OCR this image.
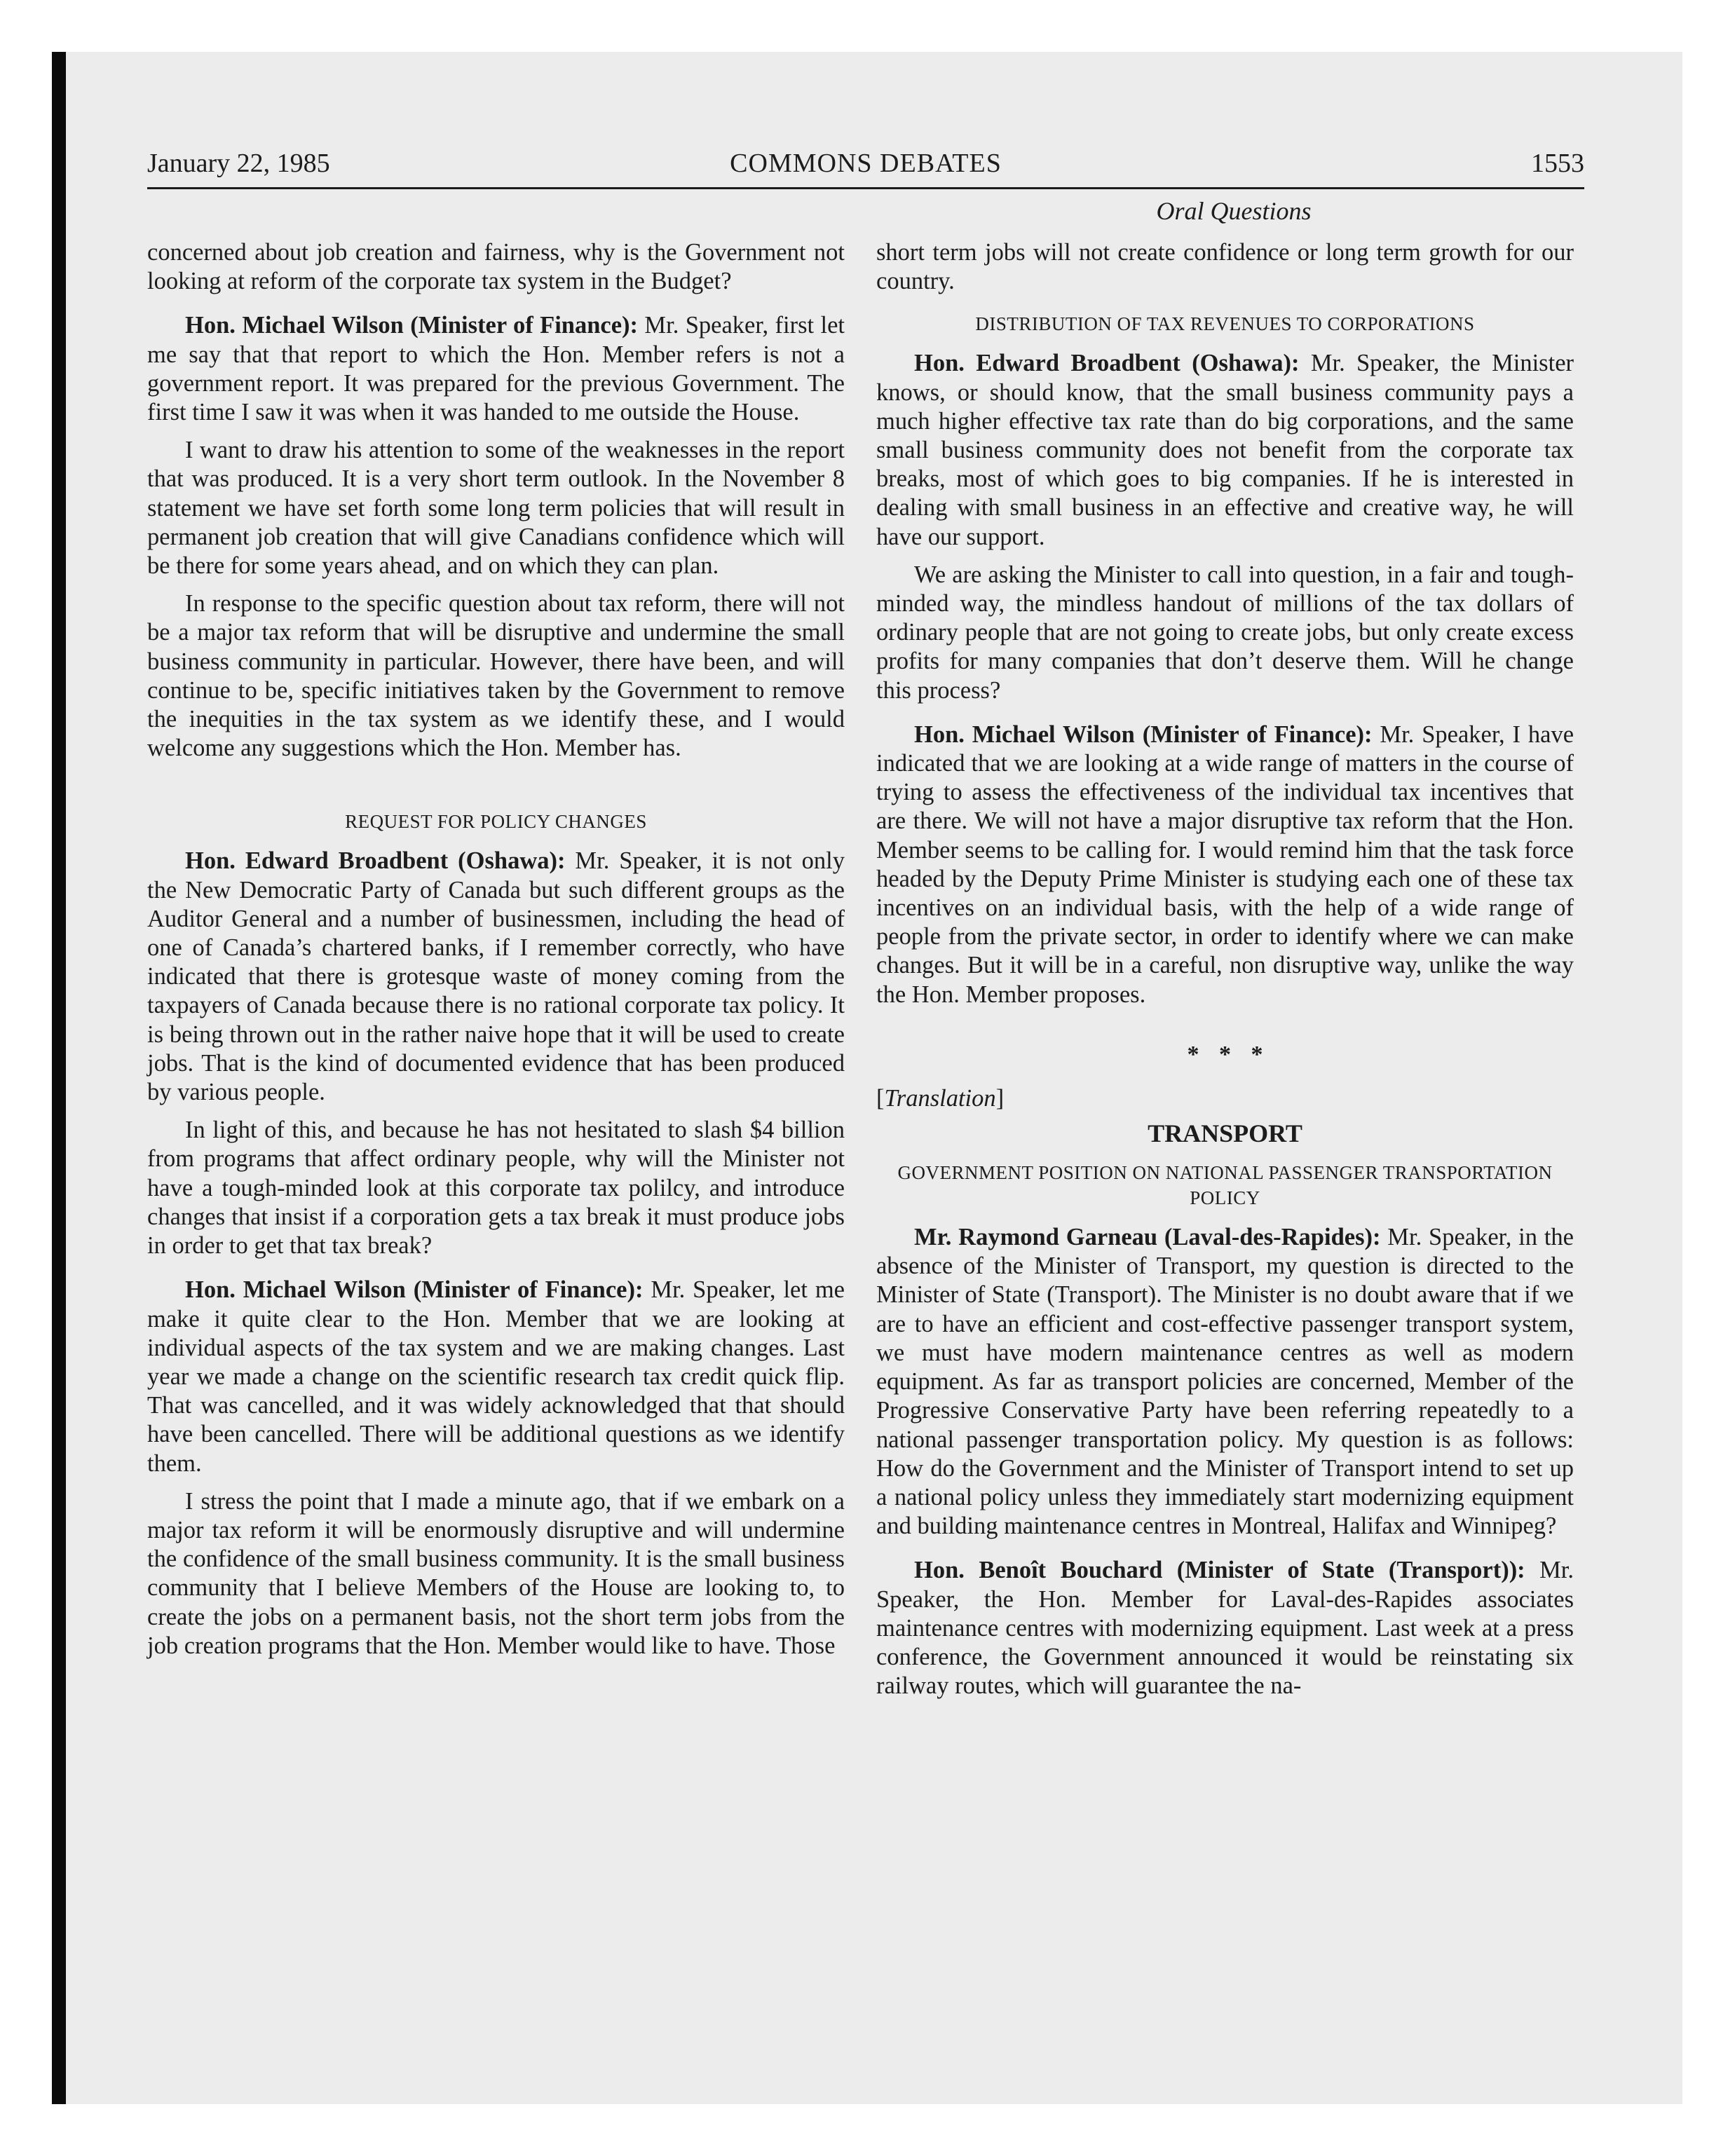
January 22, 1985	COMMONS DEBATES	1553
Oral Questions

concerned about job creation and fairness, why is the Government not looking at reform of the corporate tax system in the Budget?

Hon. Michael Wilson (Minister of Finance): Mr. Speaker, first let me say that that report to which the Hon. Member refers is not a government report. It was prepared for the previous Government. The first time I saw it was when it was handed to me outside the House.

I want to draw his attention to some of the weaknesses in the report that was produced. It is a very short term outlook. In the November 8 statement we have set forth some long term policies that will result in permanent job creation that will give Canadians confidence which will be there for some years ahead, and on which they can plan.

In response to the specific question about tax reform, there will not be a major tax reform that will be disruptive and undermine the small business community in particular. However, there have been, and will continue to be, specific initiatives taken by the Government to remove the inequities in the tax system as we identify these, and I would welcome any suggestions which the Hon. Member has.

REQUEST FOR POLICY CHANGES

Hon. Edward Broadbent (Oshawa): Mr. Speaker, it is not only the New Democratic Party of Canada but such different groups as the Auditor General and a number of businessmen, including the head of one of Canada’s chartered banks, if I remember correctly, who have indicated that there is grotesque waste of money coming from the taxpayers of Canada because there is no rational corporate tax policy. It is being thrown out in the rather naive hope that it will be used to create jobs. That is the kind of documented evidence that has been produced by various people.

In light of this, and because he has not hesitated to slash $4 billion from programs that affect ordinary people, why will the Minister not have a tough-minded look at this corporate tax polilcy, and introduce changes that insist if a corporation gets a tax break it must produce jobs in order to get that tax break?

Hon. Michael Wilson (Minister of Finance): Mr. Speaker, let me make it quite clear to the Hon. Member that we are looking at individual aspects of the tax system and we are making changes. Last year we made a change on the scientific research tax credit quick flip. That was cancelled, and it was widely acknowledged that that should have been cancelled. There will be additional questions as we identify them.

I stress the point that I made a minute ago, that if we embark on a major tax reform it will be enormously disruptive and will undermine the confidence of the small business community. It is the small business community that I believe Members of the House are looking to, to create the jobs on a permanent basis, not the short term jobs from the job creation programs that the Hon. Member would like to have. Those

short term jobs will not create confidence or long term growth for our country.

DISTRIBUTION OF TAX REVENUES TO CORPORATIONS

Hon. Edward Broadbent (Oshawa): Mr. Speaker, the Minister knows, or should know, that the small business community pays a much higher effective tax rate than do big corporations, and the same small business community does not benefit from the corporate tax breaks, most of which goes to big companies. If he is interested in dealing with small business in an effective and creative way, he will have our support.

We are asking the Minister to call into question, in a fair and tough-minded way, the mindless handout of millions of the tax dollars of ordinary people that are not going to create jobs, but only create excess profits for many companies that don’t deserve them. Will he change this process?

Hon. Michael Wilson (Minister of Finance): Mr. Speaker, I have indicated that we are looking at a wide range of matters in the course of trying to assess the effectiveness of the individual tax incentives that are there. We will not have a major disruptive tax reform that the Hon. Member seems to be calling for. I would remind him that the task force headed by the Deputy Prime Minister is studying each one of these tax incentives on an individual basis, with the help of a wide range of people from the private sector, in order to identify where we can make changes. But it will be in a careful, non disruptive way, unlike the way the Hon. Member proposes.

* * *
[Translation]
TRANSPORT
GOVERNMENT POSITION ON NATIONAL PASSENGER TRANSPORTATION POLICY

Mr. Raymond Garneau (Laval-des-Rapides): Mr. Speaker, in the absence of the Minister of Transport, my question is directed to the Minister of State (Transport). The Minister is no doubt aware that if we are to have an efficient and cost-effective passenger transport system, we must have modern maintenance centres as well as modern equipment. As far as transport policies are concerned, Member of the Progressive Conservative Party have been referring repeatedly to a national passenger transportation policy. My question is as follows: How do the Government and the Minister of Transport intend to set up a national policy unless they immediately start modernizing equipment and building maintenance centres in Montreal, Halifax and Winnipeg?

Hon. Benoît Bouchard (Minister of State (Transport)): Mr. Speaker, the Hon. Member for Laval-des-Rapides associates maintenance centres with modernizing equipment. Last week at a press conference, the Government announced it would be reinstating six railway routes, which will guarantee the na-
